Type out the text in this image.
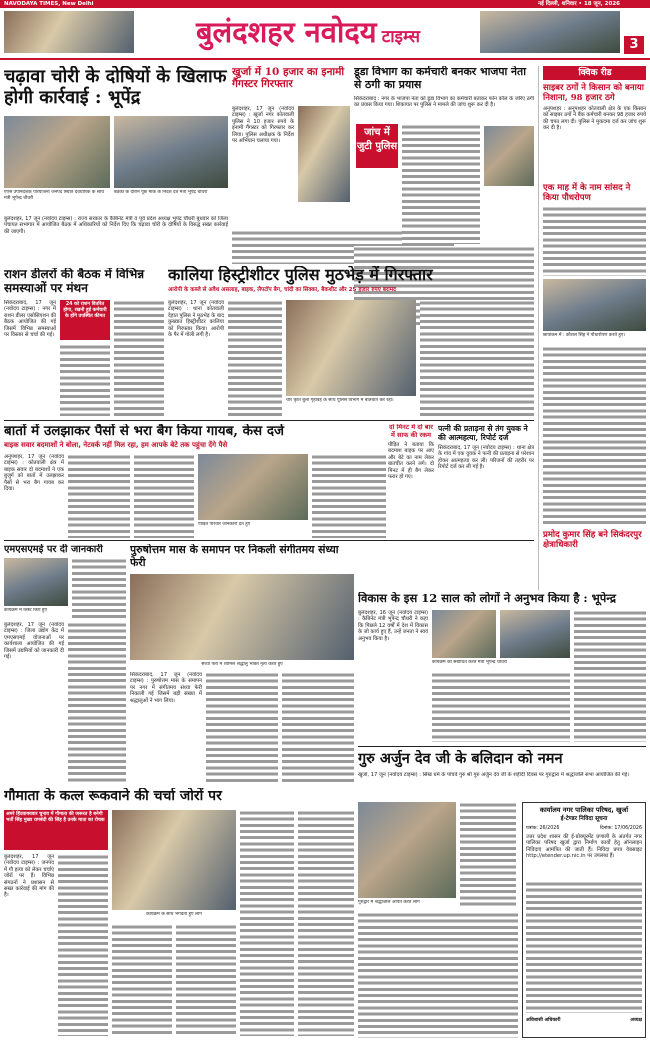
NAVODAYA TIMES, New Delhi	नई दिल्ली, शनिवार • 18 जून, 2026
बुलंदशहर नवोदय टाइम्स	3
चढ़ावा चोरी के दोषियों के खिलाफ होगी कार्रवाई : भूपेंद्र
एएस उपनिदेशक परियोजना जनपद स्थिति देवधारिक के साथ मंत्री भूपेन्द्र चौधरी
बैठकों के दौरान पूछे मौके के निर्देश देते मंत्री भूपेंद्र चौधरी
बुलंदशहर, 17 जून (नवोदय टाइम्स) : राज्य सरकार के कैबिनेट मंत्री व पूर्व प्रदेश अध्यक्ष भूपेंद्र चौधरी बुधवार को जिला पंचायत सभागार में आयोजित बैठक में अधिकारियों को निर्देश दिए कि चढ़ावा चोरी के दोषियों के विरुद्ध सख्त कार्रवाई की जाएगी।
खुर्जा में 10 हजार का इनामी गैंगस्टर गिरफ्तार
बुलंदशहर, 17 जून (नवोदय टाइम्स) : खुर्जा नगर कोतवाली पुलिस ने 10 हजार रुपये के इनामी गैंगस्टर को गिरफ्तार कर लिया। पुलिस अधीक्षक के निर्देश पर अभियान चलाया गया।
डूडा विभाग का कर्मचारी बनकर भाजपा नेता से ठगी का प्रयास
सिकंदराबाद : नगर के भाजपा नेता को डूडा विभाग का कर्मचारी बताकर फोन कॉल के जरिए ठगी का प्रयास किया गया। शिकायत पर पुलिस ने मामले की जांच शुरू कर दी है।
जांच में जुटी पुलिस
क्विक रीड
साइबर ठगों ने किसान को बनाया निशाना, 98 हजार ठगे
अनूपशहर : अनूपशहर कोतवाली क्षेत्र के एक किसान को साइबर ठगों ने बैंक कर्मचारी बनकर 98 हजार रुपये की चपत लगा दी। पुलिस ने मुकदमा दर्ज कर जांच शुरू कर दी है।
एक माह में के नाम सांसद ने किया पौधरोपण
छायांकन में : कौशल सिंह ने पौधारोपण करते हुए।
प्रमोद कुमार सिंह बने सिकंदरपुर क्षेत्राधिकारी
राशन डीलरों की बैठक में विभिन्न समस्याओं पर मंथन
सिकंदराबाद, 17 जून (नवोदय टाइम्स) : नगर में राशन डीलर एसोसिएशन की बैठक आयोजित की गई जिसमें विभिन्न समस्याओं पर विस्तार से चर्चा की गई।
24 को राशन वितरित होगा, रखनी हुई कर्मचारी के होंगे उपस्थित कीमत
कालिया हिस्ट्रीशीटर पुलिस मुठभेड़ में गिरफ्तार
आरोपी के कब्जे से अवैध असलाह, बाइक, लैपटॉप बैग, चांदी का सिक्का, बैकशीट और 25 हजार रुपए बरामद
बुलंदशहर, 17 जून (नवोदय टाइम्स) : थाना कोतवाली देहात पुलिस ने मुठभेड़ के बाद कुख्यात हिस्ट्रीशीटर कालिया को गिरफ्तार किया। आरोपी के पैर में गोली लगी है।
चार कृति बुला गृहविहे के साथ पुलिस विभाग में बातचीत कर रहा।
बातों में उलझाकर पैसों से भरा बैग किया गायब, केस दर्ज
बाइक सवार बदमाशों ने बोला, नेटवर्क नहीं मिल रहा, हम आपके बेटे तक पहुंचा देंगे पैसे
अनूपशहर, 17 जून (नवोदय टाइम्स) : कोतवाली क्षेत्र में बाइक सवार दो बदमाशों ने एक बुजुर्ग को बातों में उलझाकर पैसों से भरा बैग गायब कर दिया।
पीड़ित परिवार जानकारी देते हुए
दो मिनट में दो बार में साफ की रकम
पीड़ित ने बताया कि बदमाश बाइक पर आए और बेटे का नाम लेकर बातचीत करने लगे। दो मिनट में ही बैग लेकर फरार हो गए।
पत्नी की प्रताड़ना से तंग युवक ने की आत्महत्या, रिपोर्ट दर्ज
सिकंदराबाद, 17 जून (नवोदय टाइम्स) : थाना क्षेत्र के गांव में एक युवक ने पत्नी की प्रताड़ना से परेशान होकर आत्महत्या कर ली। परिजनों की तहरीर पर रिपोर्ट दर्ज कर ली गई है।
एमएसएमई पर दी जानकारी
कार्यक्रम में लिस्ट किये हुए
बुलंदशहर, 17 जून (नवोदय टाइम्स) : जिला उद्योग केंद्र में एमएसएमई योजनाओं पर कार्यशाला आयोजित की गई जिसमें उद्यमियों को जानकारी दी गई।
पुरुषोत्तम मास के समापन पर निकली संगीतमय संध्या फेरी
संध्या फेरी में शामिल श्रद्धालु भक्ति नृत्य करते हुए
सिकंदराबाद, 17 जून (नवोदय टाइम्स) : पुरुषोत्तम मास के समापन पर नगर में संगीतमय संध्या फेरी निकाली गई जिसमें बड़ी संख्या में श्रद्धालुओं ने भाग लिया।
विकास के इस 12 साल को लोगों ने अनुभव किया है : भूपेन्द्र
बुलंदशहर, 16 जून (नवोदय टाइम्स) : कैबिनेट मंत्री भूपेन्द्र चौधरी ने कहा कि पिछले 12 वर्षों में देश में विकास के जो कार्य हुए हैं, उन्हें जनता ने स्वयं अनुभव किया है।
कार्यक्रम को संबोधित करते मंत्री भूपेन्द्र चौधरी
गौमाता के कत्ल रूकवाने की चर्चा जोरों पर
अमरे हिंदवाक्यवार चुनाव में गौमाता की जरूरत है बनेगी भर्ती सिंह मुख्य रामबंदी की सिंह है उनके माता का रोचक
बुलंदशहर, 17 जून (नवोदय टाइम्स) : जनपद में गौ हत्या को लेकर चर्चाएं जोरों पर हैं। विभिन्न संगठनों ने प्रशासन से सख्त कार्रवाई की मांग की है।
कार्यक्रम के साथ भगवती हुए लोग
गुरु अर्जुन देव जी के बलिदान को नमन
खुर्जा, 17 जून (नवोदय टाइम्स) : सिख धर्म के पांचवें गुरु श्री गुरु अर्जुन देव जी के शहीदी दिवस पर गुरुद्वारा में श्रद्धांजलि सभा आयोजित की गई।
गुरुद्वारे में श्रद्धांजलि अर्पित करते लोग
कार्यालय नगर पालिका परिषद, खुर्जा
ई-टेण्डर निविदा सूचना
पत्रांक: 26/2026	दिनांक: 17/06/2026
उत्तर प्रदेश शासन की ई-प्रोक्यूरमेंट प्रणाली के अंतर्गत नगर पालिका परिषद खुर्जा द्वारा निर्माण कार्यों हेतु ऑनलाइन निविदाएं आमंत्रित की जाती हैं। निविदा प्रपत्र वेबसाइट http://etender.up.nic.in पर उपलब्ध हैं।
अधिशासी अधिकारी	अध्यक्ष
